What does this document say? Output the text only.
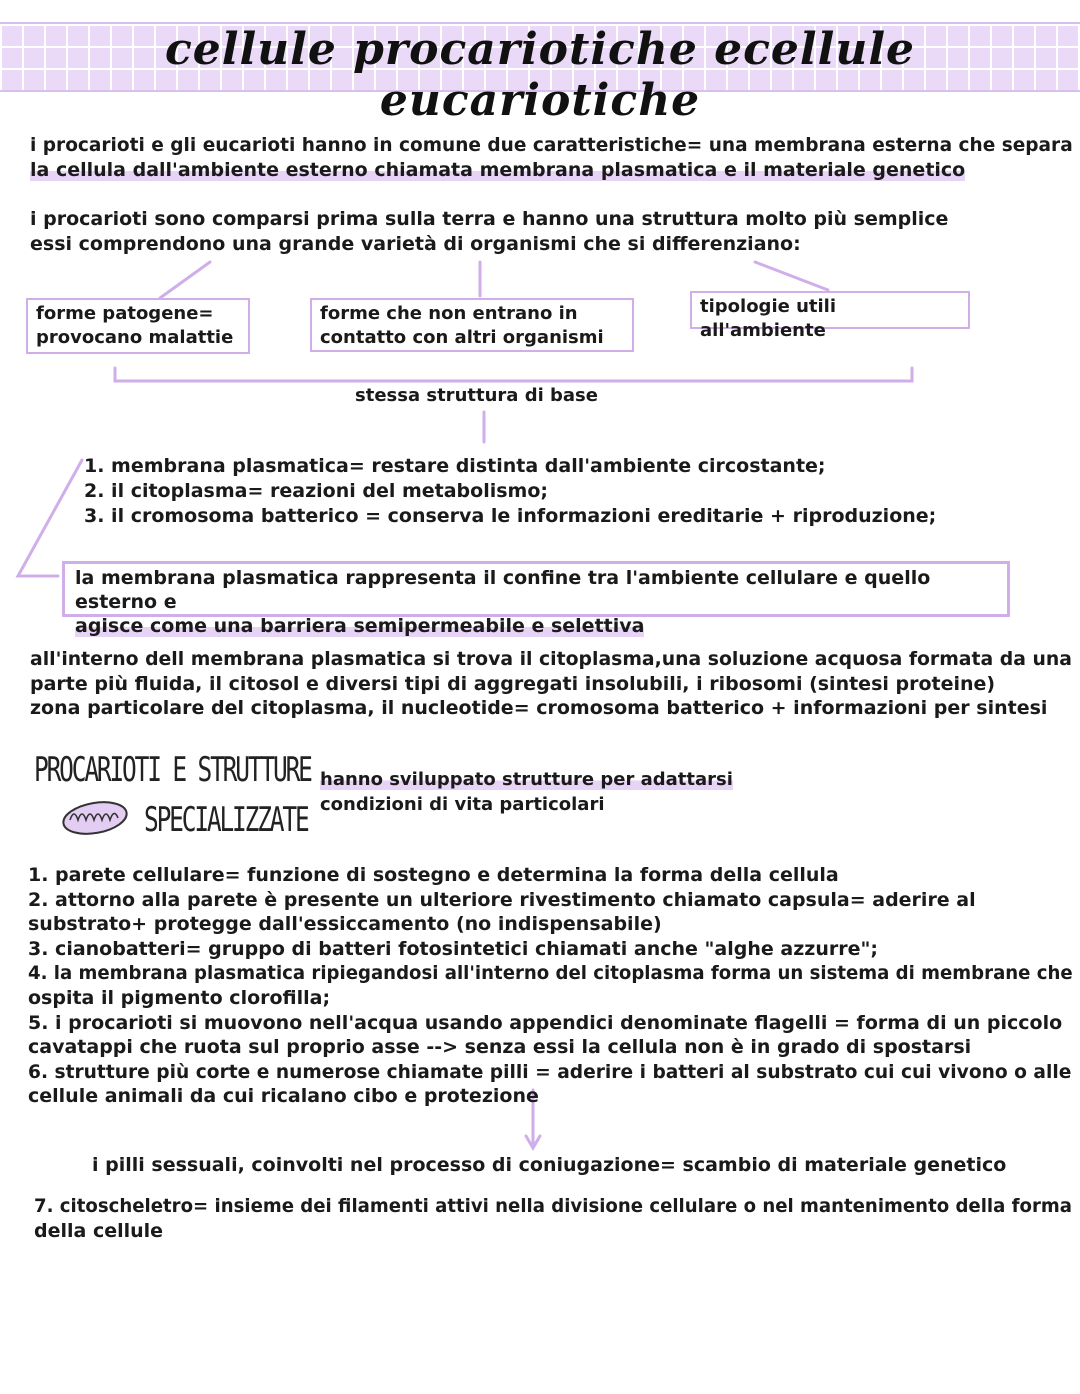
cellule procariotiche ecellule eucariotiche
i procarioti e gli eucarioti hanno in comune due caratteristiche= una membrana esterna che separa
la cellula dall'ambiente esterno chiamata membrana plasmatica e il materiale genetico
i procarioti sono comparsi prima sulla terra e hanno una struttura molto più semplice
essi comprendono una grande varietà di organismi che si differenziano:
forme patogene=
provocano malattie
forme che non entrano in
contatto con altri organismi
tipologie utili all'ambiente
stessa struttura di base
1. membrana plasmatica= restare distinta dall'ambiente circostante;
2. il citoplasma= reazioni del metabolismo;
3. il cromosoma batterico = conserva le informazioni ereditarie + riproduzione;
la membrana plasmatica rappresenta il confine tra l'ambiente cellulare e quello esterno e
agisce come una barriera semipermeabile e selettiva
all'interno dell membrana plasmatica si trova il citoplasma,una soluzione acquosa formata da una
parte più fluida, il citosol e diversi tipi di aggregati insolubili, i ribosomi (sintesi proteine)
zona particolare del citoplasma, il nucleotide= cromosoma batterico + informazioni per sintesi
PROCARIOTI E STRUTTURE
SPECIALIZZATE
hanno sviluppato strutture per adattarsi
condizioni di vita particolari
1. parete cellulare= funzione di sostegno e determina la forma della cellula
2. attorno alla parete è presente un ulteriore rivestimento chiamato capsula= aderire al
substrato+ protegge dall'essiccamento (no indispensabile)
3. cianobatteri= gruppo di batteri fotosintetici chiamati anche "alghe azzurre";
4. la membrana plasmatica ripiegandosi all'interno del citoplasma forma un sistema di membrane che
ospita il pigmento clorofilla;
5. i procarioti si muovono nell'acqua usando appendici denominate flagelli = forma di un piccolo
cavatappi che ruota sul proprio asse --> senza essi la cellula non è in grado di spostarsi
6. strutture più corte e numerose chiamate pilli = aderire i batteri al substrato cui cui vivono o alle
cellule animali da cui ricalano cibo e protezione
i pilli sessuali, coinvolti nel processo di coniugazione= scambio di materiale genetico
7. citoscheletro= insieme dei filamenti attivi nella divisione cellulare o nel mantenimento della forma
della cellule
